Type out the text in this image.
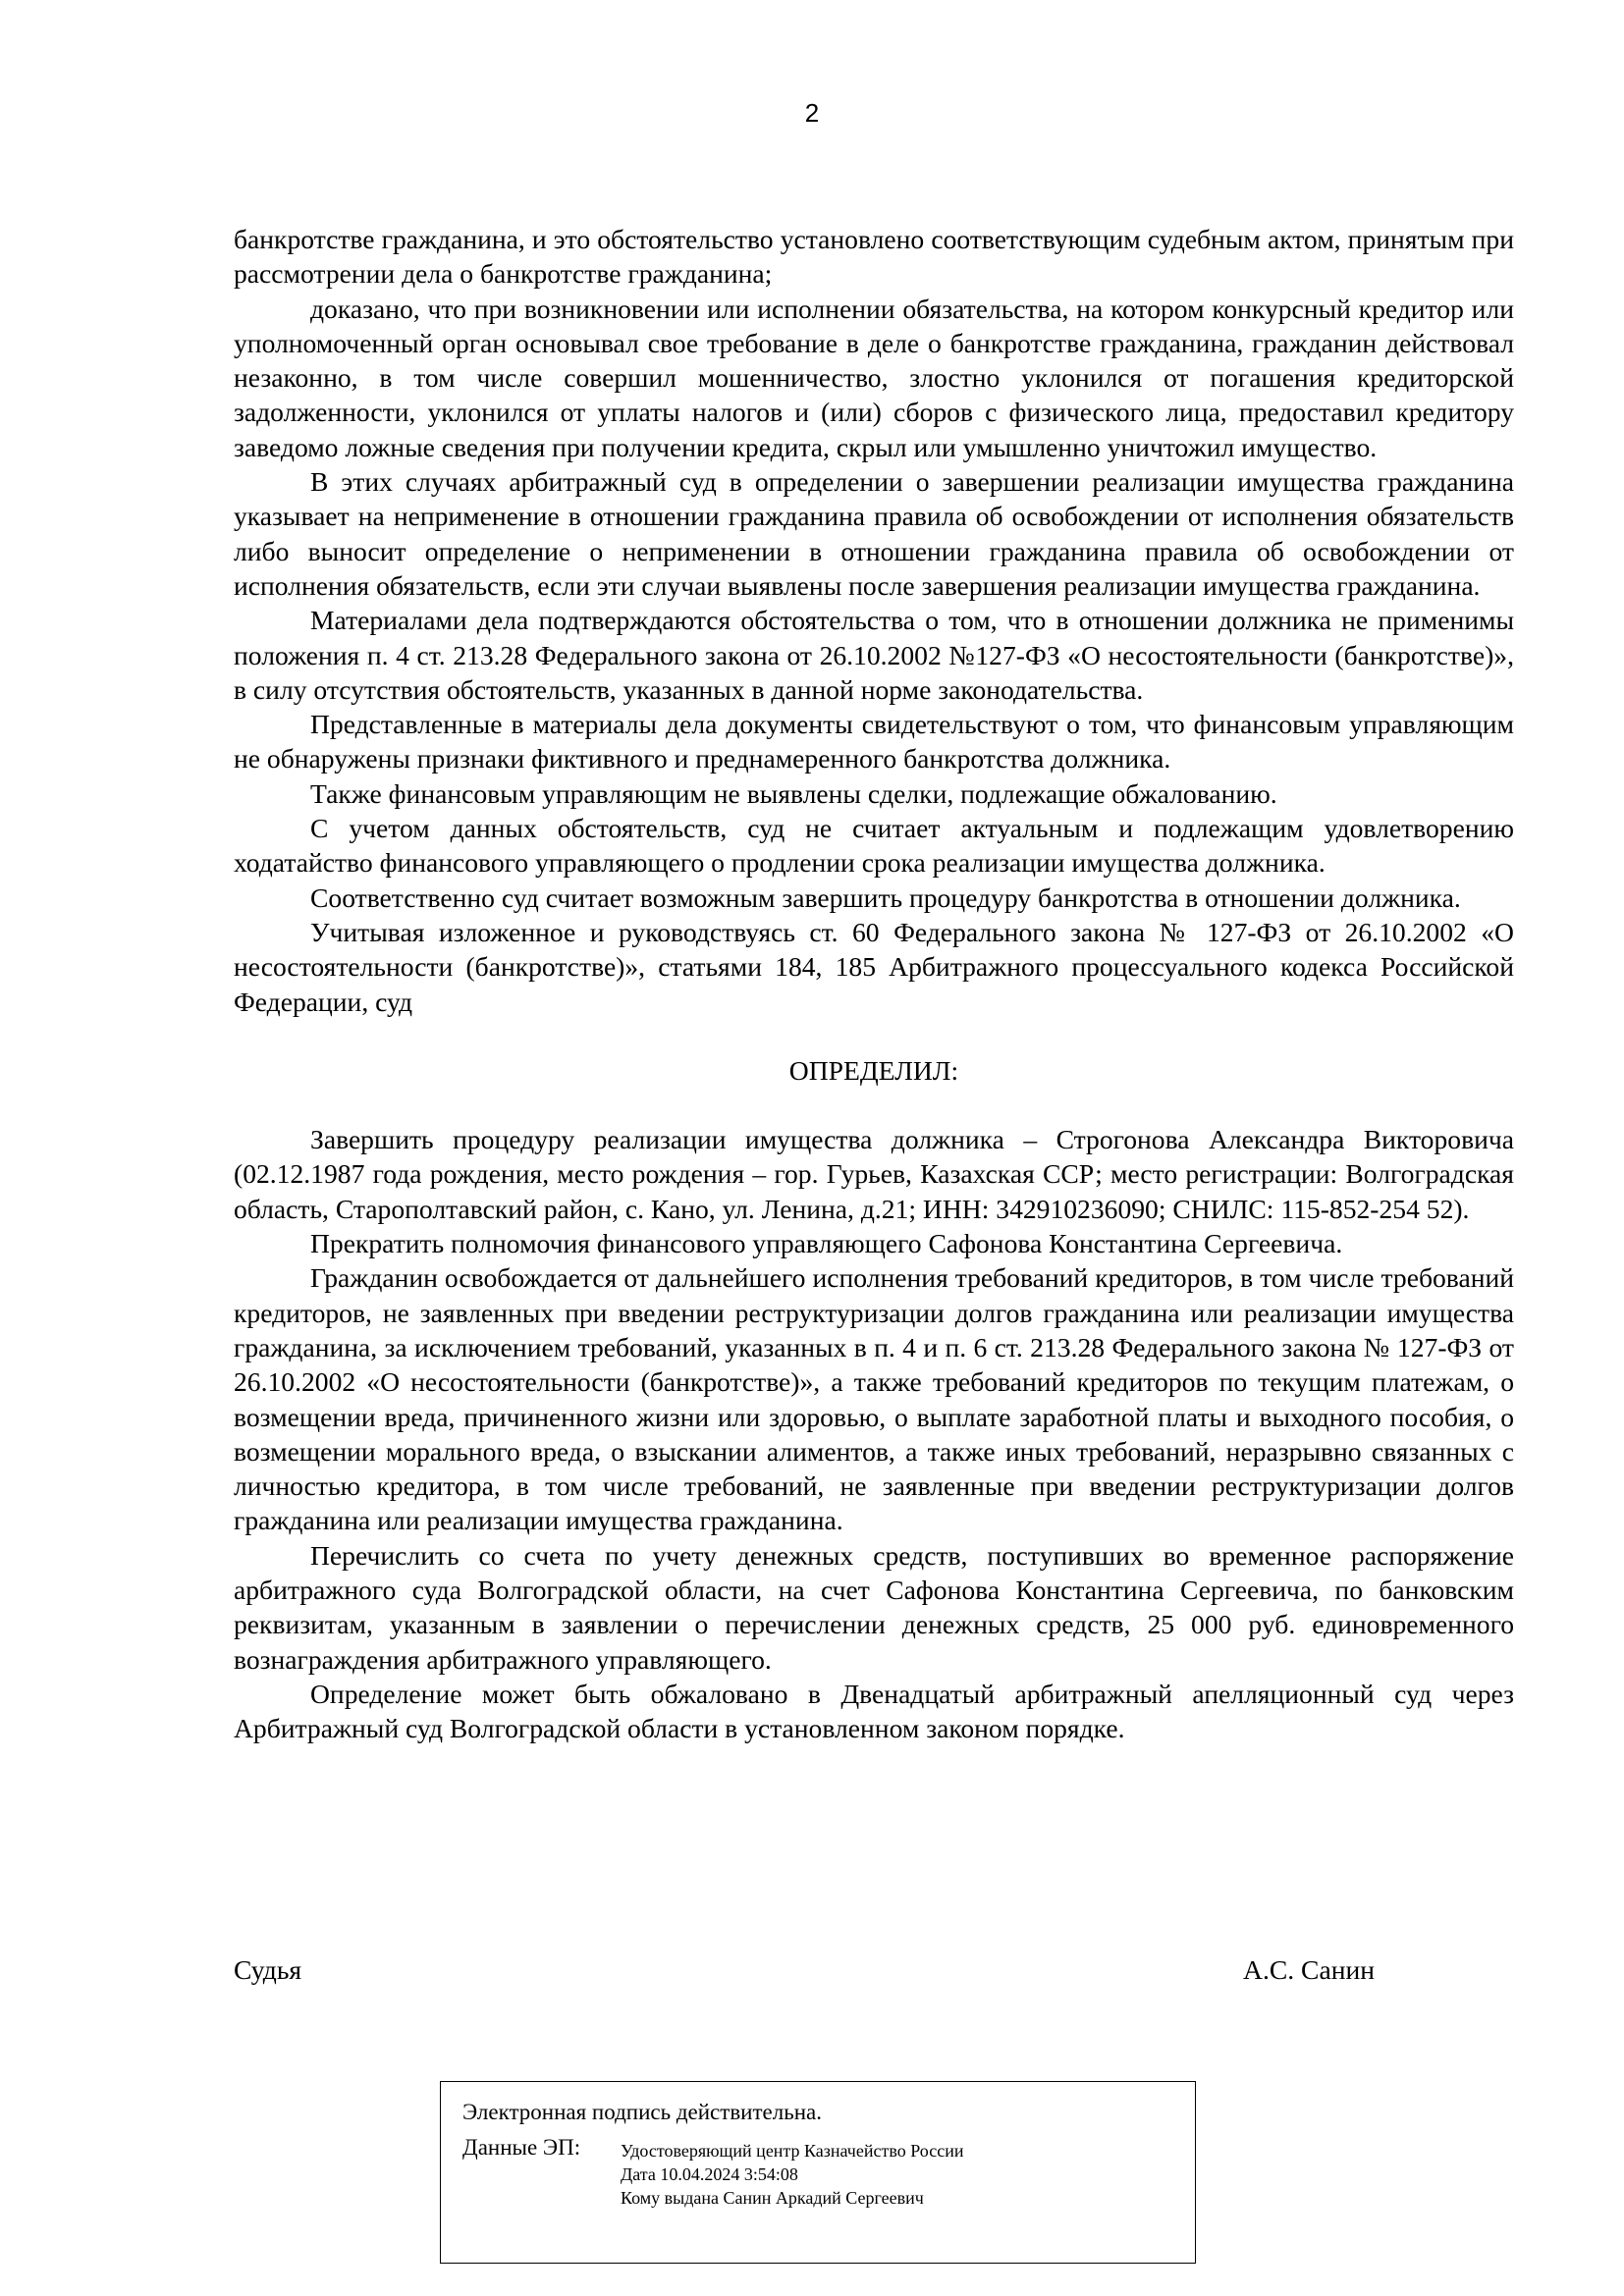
2

банкротстве гражданина, и это обстоятельство установлено соответствующим судебным актом, принятым при рассмотрении дела о банкротстве гражданина;

доказано, что при возникновении или исполнении обязательства, на котором конкурсный кредитор или уполномоченный орган основывал свое требование в деле о банкротстве гражданина, гражданин действовал незаконно, в том числе совершил мошенничество, злостно уклонился от погашения кредиторской задолженности, уклонился от уплаты налогов и (или) сборов с физического лица, предоставил кредитору заведомо ложные сведения при получении кредита, скрыл или умышленно уничтожил имущество.

В этих случаях арбитражный суд в определении о завершении реализации имущества гражданина указывает на неприменение в отношении гражданина правила об освобождении от исполнения обязательств либо выносит определение о неприменении в отношении гражданина правила об освобождении от исполнения обязательств, если эти случаи выявлены после завершения реализации имущества гражданина.

Материалами дела подтверждаются обстоятельства о том, что в отношении должника не применимы положения п. 4 ст. 213.28 Федерального закона от 26.10.2002 №127-ФЗ «О несостоятельности (банкротстве)», в силу отсутствия обстоятельств, указанных в данной норме законодательства.

Представленные в материалы дела документы свидетельствуют о том, что финансовым управляющим не обнаружены признаки фиктивного и преднамеренного банкротства должника.

Также финансовым управляющим не выявлены сделки, подлежащие обжалованию.

С учетом данных обстоятельств, суд не считает актуальным и подлежащим удовлетворению ходатайство финансового управляющего о продлении срока реализации имущества должника.

Соответственно суд считает возможным завершить процедуру банкротства в отношении должника.

Учитывая изложенное и руководствуясь ст. 60 Федерального закона № 127-ФЗ от 26.10.2002 «О несостоятельности (банкротстве)», статьями 184, 185 Арбитражного процессуального кодекса Российской Федерации, суд

ОПРЕДЕЛИЛ:

Завершить процедуру реализации имущества должника – Строгонова Александра Викторовича (02.12.1987 года рождения, место рождения – гор. Гурьев, Казахская ССР; место регистрации: Волгоградская область, Старополтавский район, с. Кано, ул. Ленина, д.21; ИНН: 342910236090; СНИЛС: 115-852-254 52).

Прекратить полномочия финансового управляющего Сафонова Константина Сергеевича.

Гражданин освобождается от дальнейшего исполнения требований кредиторов, в том числе требований кредиторов, не заявленных при введении реструктуризации долгов гражданина или реализации имущества гражданина, за исключением требований, указанных в п. 4 и п. 6 ст. 213.28 Федерального закона № 127-ФЗ от 26.10.2002 «О несостоятельности (банкротстве)», а также требований кредиторов по текущим платежам, о возмещении вреда, причиненного жизни или здоровью, о выплате заработной платы и выходного пособия, о возмещении морального вреда, о взыскании алиментов, а также иных требований, неразрывно связанных с личностью кредитора, в том числе требований, не заявленные при введении реструктуризации долгов гражданина или реализации имущества гражданина.

Перечислить со счета по учету денежных средств, поступивших во временное распоряжение арбитражного суда Волгоградской области, на счет Сафонова Константина Сергеевича, по банковским реквизитам, указанным в заявлении о перечислении денежных средств, 25 000 руб. единовременного вознаграждения арбитражного управляющего.

Определение может быть обжаловано в Двенадцатый арбитражный апелляционный суд через Арбитражный суд Волгоградской области в установленном законом порядке.

Судья	А.С. Санин
Электронная подпись действительна.
Данные ЭП: Удостоверяющий центр Казначейство России
Дата 10.04.2024 3:54:08
Кому выдана Санин Аркадий Сергеевич
